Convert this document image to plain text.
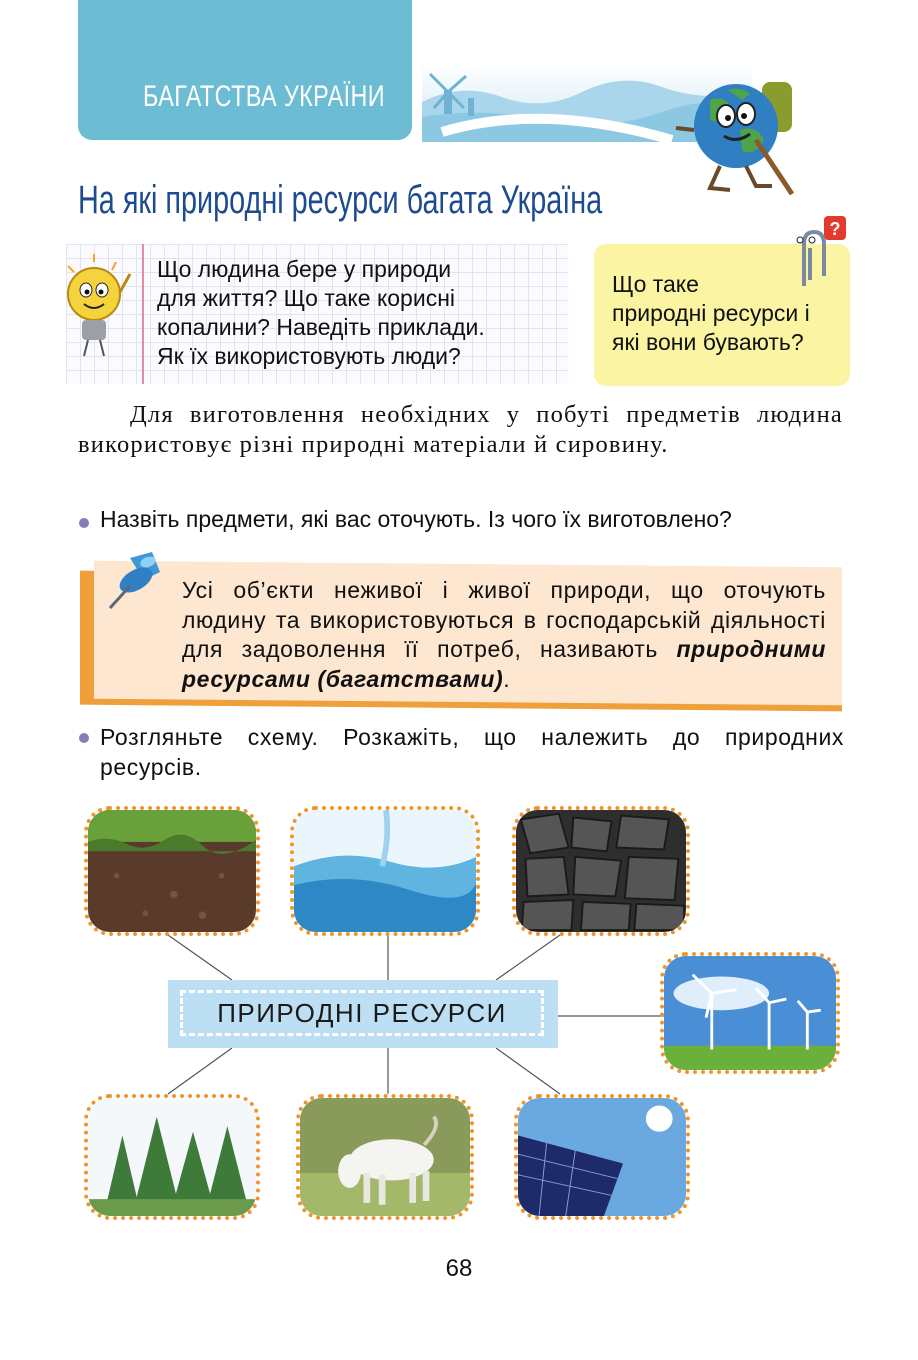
БАГАТСТВА УКРАЇНИ
На які природні ресурси багата Україна
Що людина бере у природи
для життя? Що таке корисні
копалини? Наведіть приклади.
Як їх використовують люди?
?
Що таке
природні ресурси і
які вони бувають?
Для виготовлення необхідних у побуті предметів людина використовує різні природні матеріали й сировину.
Назвіть предмети, які вас оточують. Із чого їх виготовлено?
Усі об’єкти неживої і живої природи, що оточують людину та використовуються в господарській діяльності для задоволення її потреб, називають природними ресурсами (багатствами).
Розгляньте схему. Розкажіть, що належить до природних ресурсів.
ПРИРОДНІ РЕСУРСИ
68
